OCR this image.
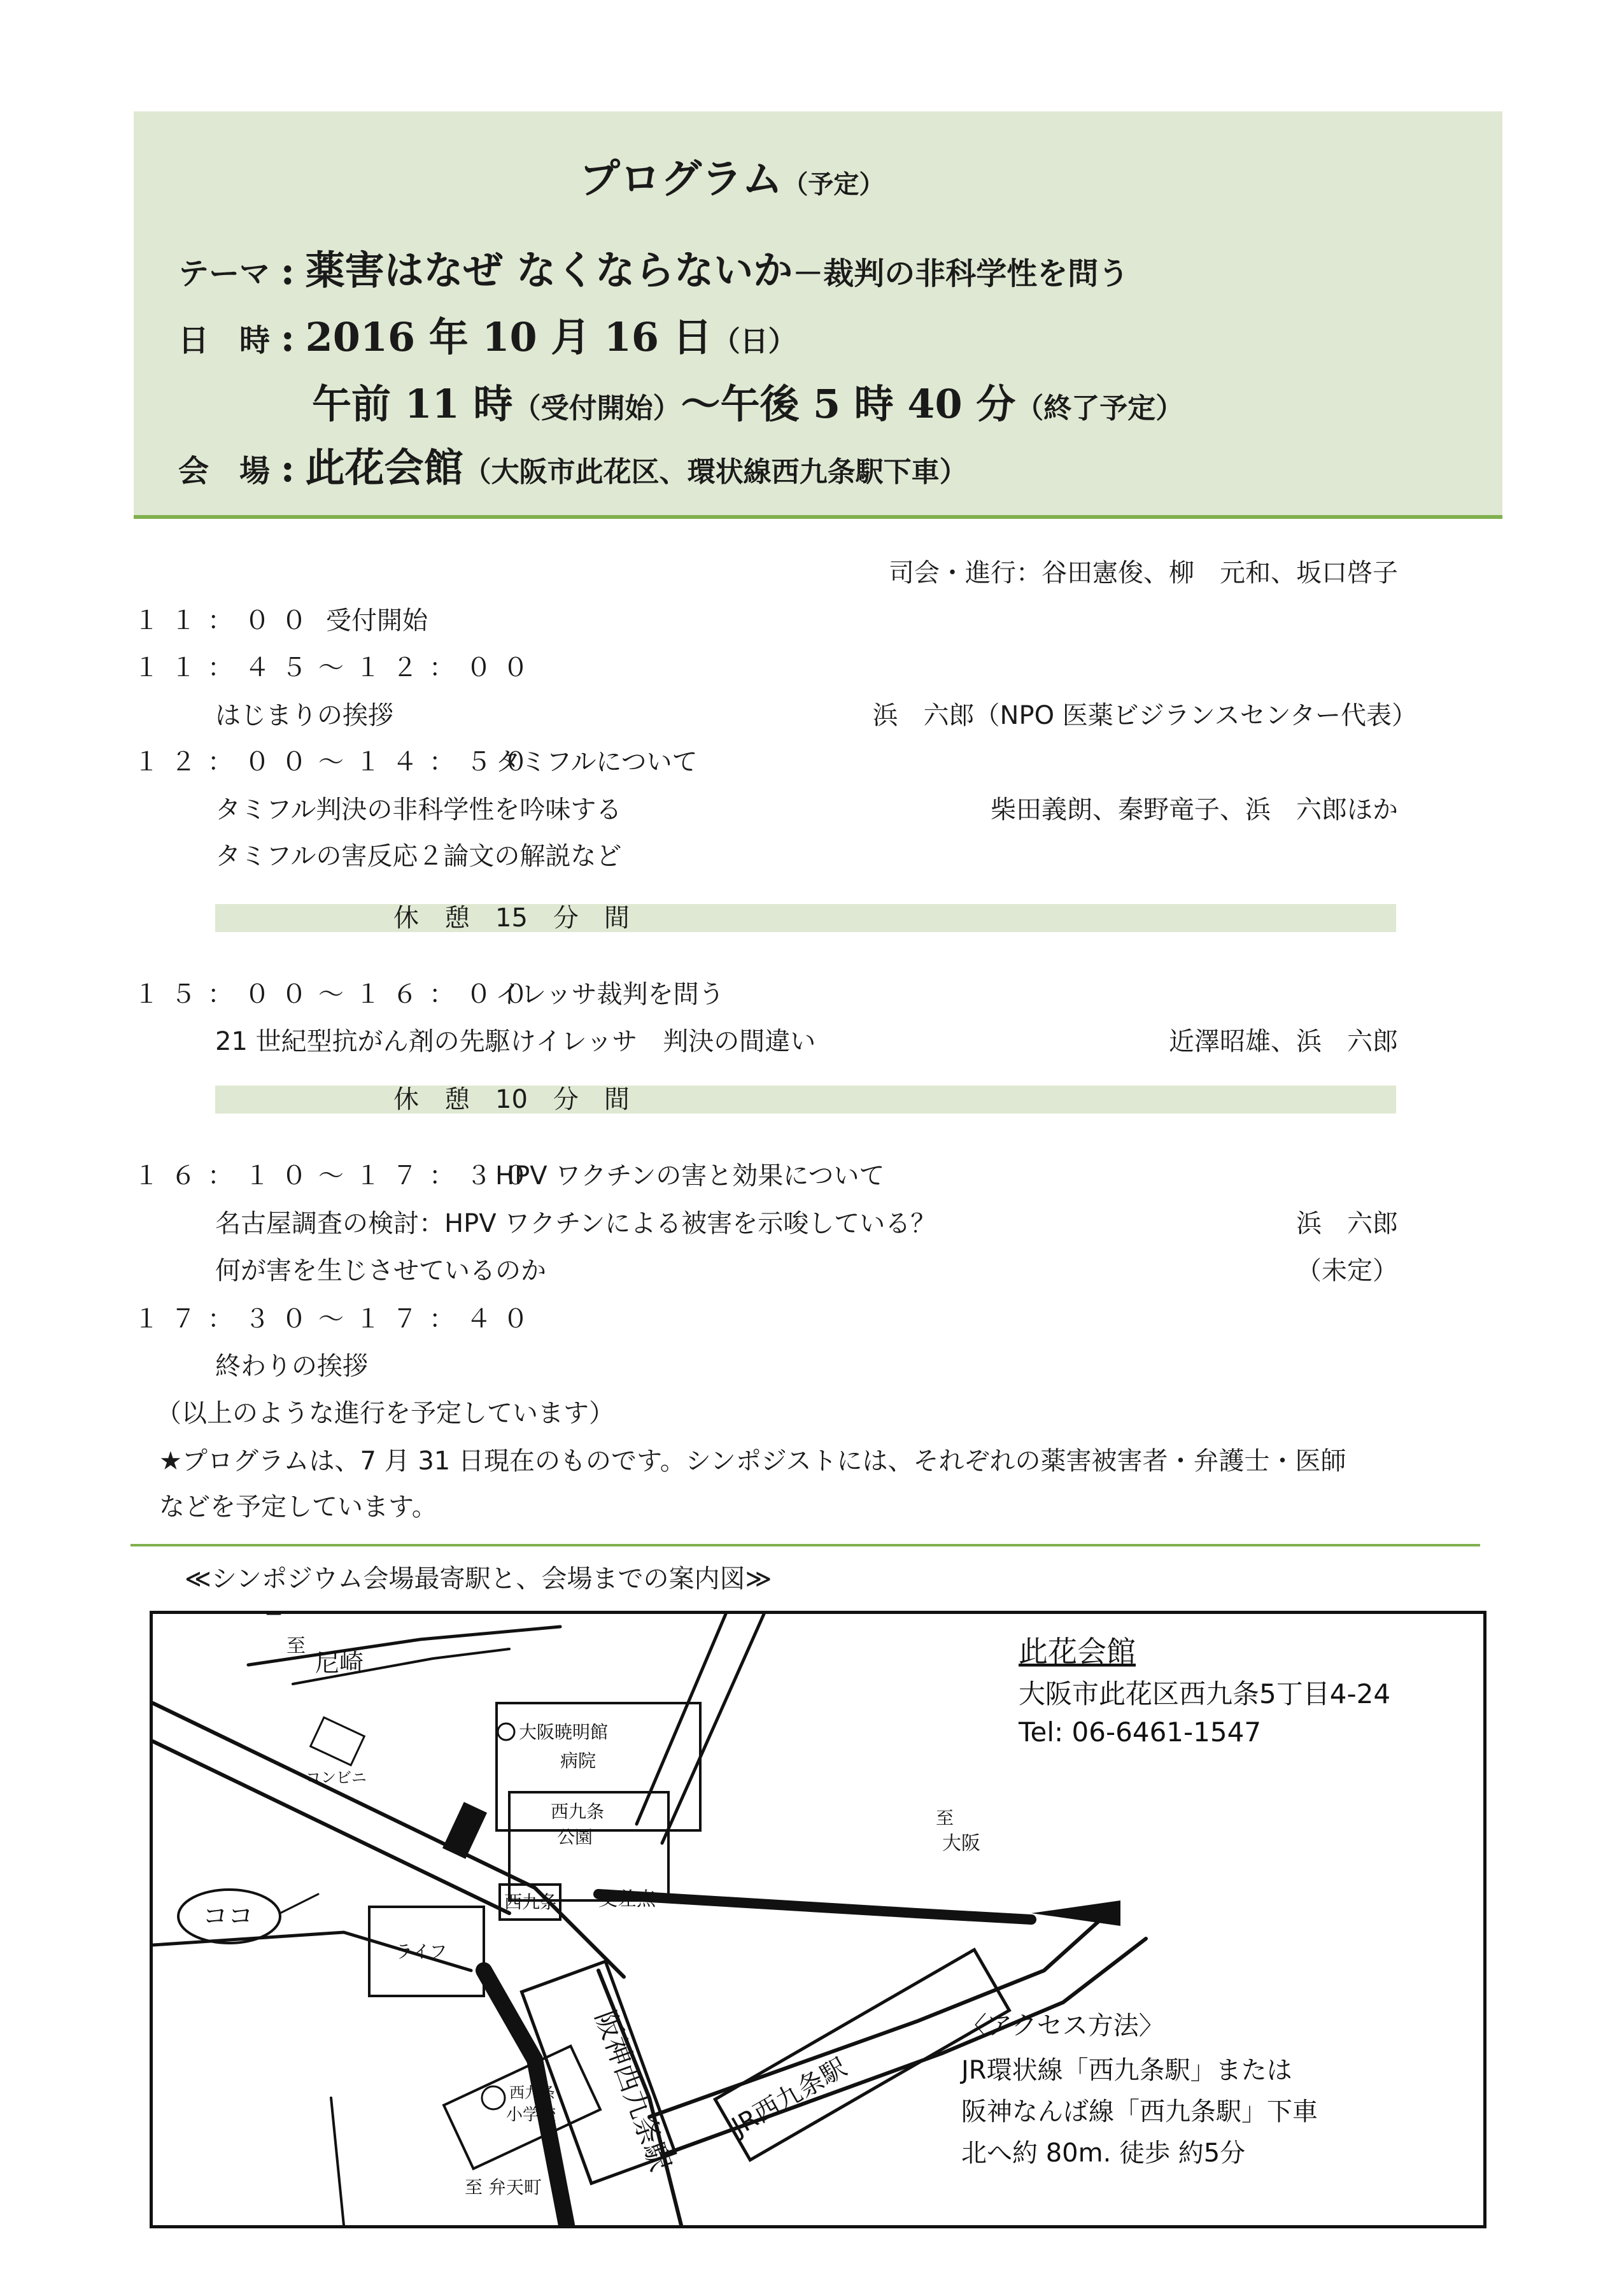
プログラム（予定）
テーマ : 薬害はなぜ なくならないか－裁判の非科学性を問う
日　時 : 2016 年 10 月 16 日（日）
午前 11 時（受付開始）～午後 5 時 40 分（終了予定）
会　場 : 此花会館（大阪市此花区、環状線西九条駅下車）
司会・進行：谷田憲俊、柳　元和、坂口啓子
１１：００ 受付開始
１１：４５～１２：００
はじまりの挨拶	浜　六郎（NPO 医薬ビジランスセンター代表）
１２：００～１４：５０
タミフルについて
タミフル判決の非科学性を吟味する	柴田義朗、秦野竜子、浜　六郎ほか
タミフルの害反応２論文の解説など
休　憩　15　分　間
１５：００～１６：００
イレッサ裁判を問う
21 世紀型抗がん剤の先駆けイレッサ　判決の間違い	近澤昭雄、浜　六郎
休　憩　10　分　間
１６：１０～１７：３０
HPV ワクチンの害と効果について
名古屋調査の検討：HPV ワクチンによる被害を示唆している？	浜　六郎
何が害を生じさせているのか	（未定）
１７：３０～１７：４０
終わりの挨拶
（以上のような進行を予定しています）
★プログラムは、7 月 31 日現在のものです。シンポジストには、それぞれの薬害被害者・弁護士・医師
などを予定しています。
≪シンポジウム会場最寄駅と、会場までの案内図≫
至
尼崎
大阪暁明館
病院
コンビニ
西九条
公園
ココ	西九条 交差点
ライフ
至
大阪
阪神西九条駅 JR西九条駅
西九条
小学校
至 弁天町
此花会館
大阪市此花区西九条5丁目4-24
Tel: 06-6461-1547
〈アクセス方法〉
JR環状線「西九条駅」または
阪神なんば線「西九条駅」下車
北へ約 80m. 徒歩 約5分
